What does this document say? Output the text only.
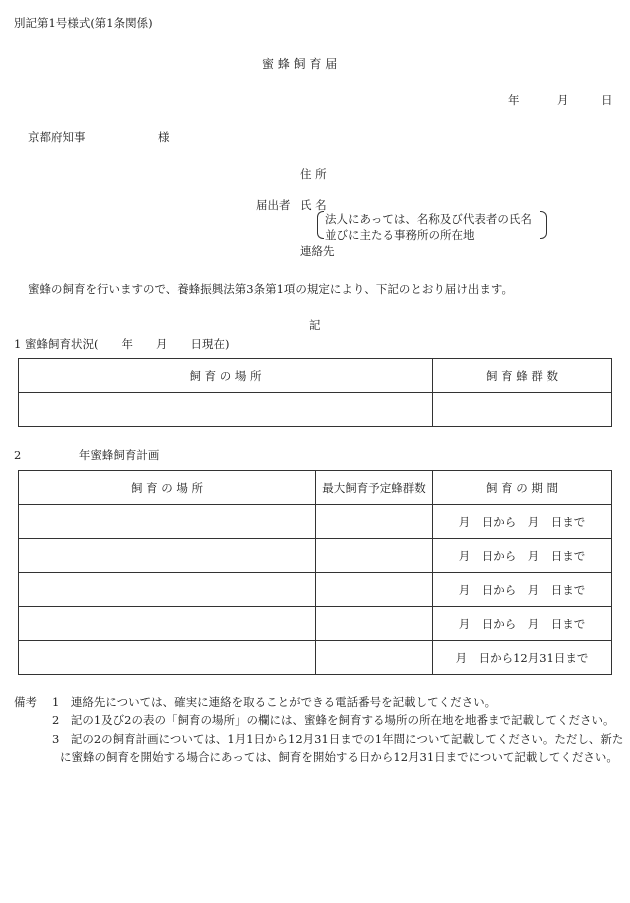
別記第1号様式(第1条関係)
蜜 蜂 飼 育 届
年	月	日
京都府知事	様
住 所
届出者 氏 名
法人にあっては、名称及び代表者の氏名
並びに主たる事務所の所在地
連絡先
蜜蜂の飼育を行いますので、養蜂振興法第3条第1項の規定により、下記のとおり届け出ます。
記
1 蜜蜂飼育状況(　　年　　月　　日現在)
飼 育 の 場 所	飼 育 蜂 群 数

2　　　　　年蜜蜂飼育計画
飼 育 の 場 所	最大飼育予定蜂群数	飼 育 の 期 間
		月　日から　月　日まで
		月　日から　月　日まで
		月　日から　月　日まで
		月　日から　月　日まで
		月　日から12月31日まで
備考 1　連絡先については、確実に連絡を取ることができる電話番号を記載してください。
2　記の1及び2の表の「飼育の場所」の欄には、蜜蜂を飼育する場所の所在地を地番まで記載してください。
3　記の2の飼育計画については、1月1日から12月31日までの1年間について記載してください。ただし、新た
に蜜蜂の飼育を開始する場合にあっては、飼育を開始する日から12月31日までについて記載してください。
